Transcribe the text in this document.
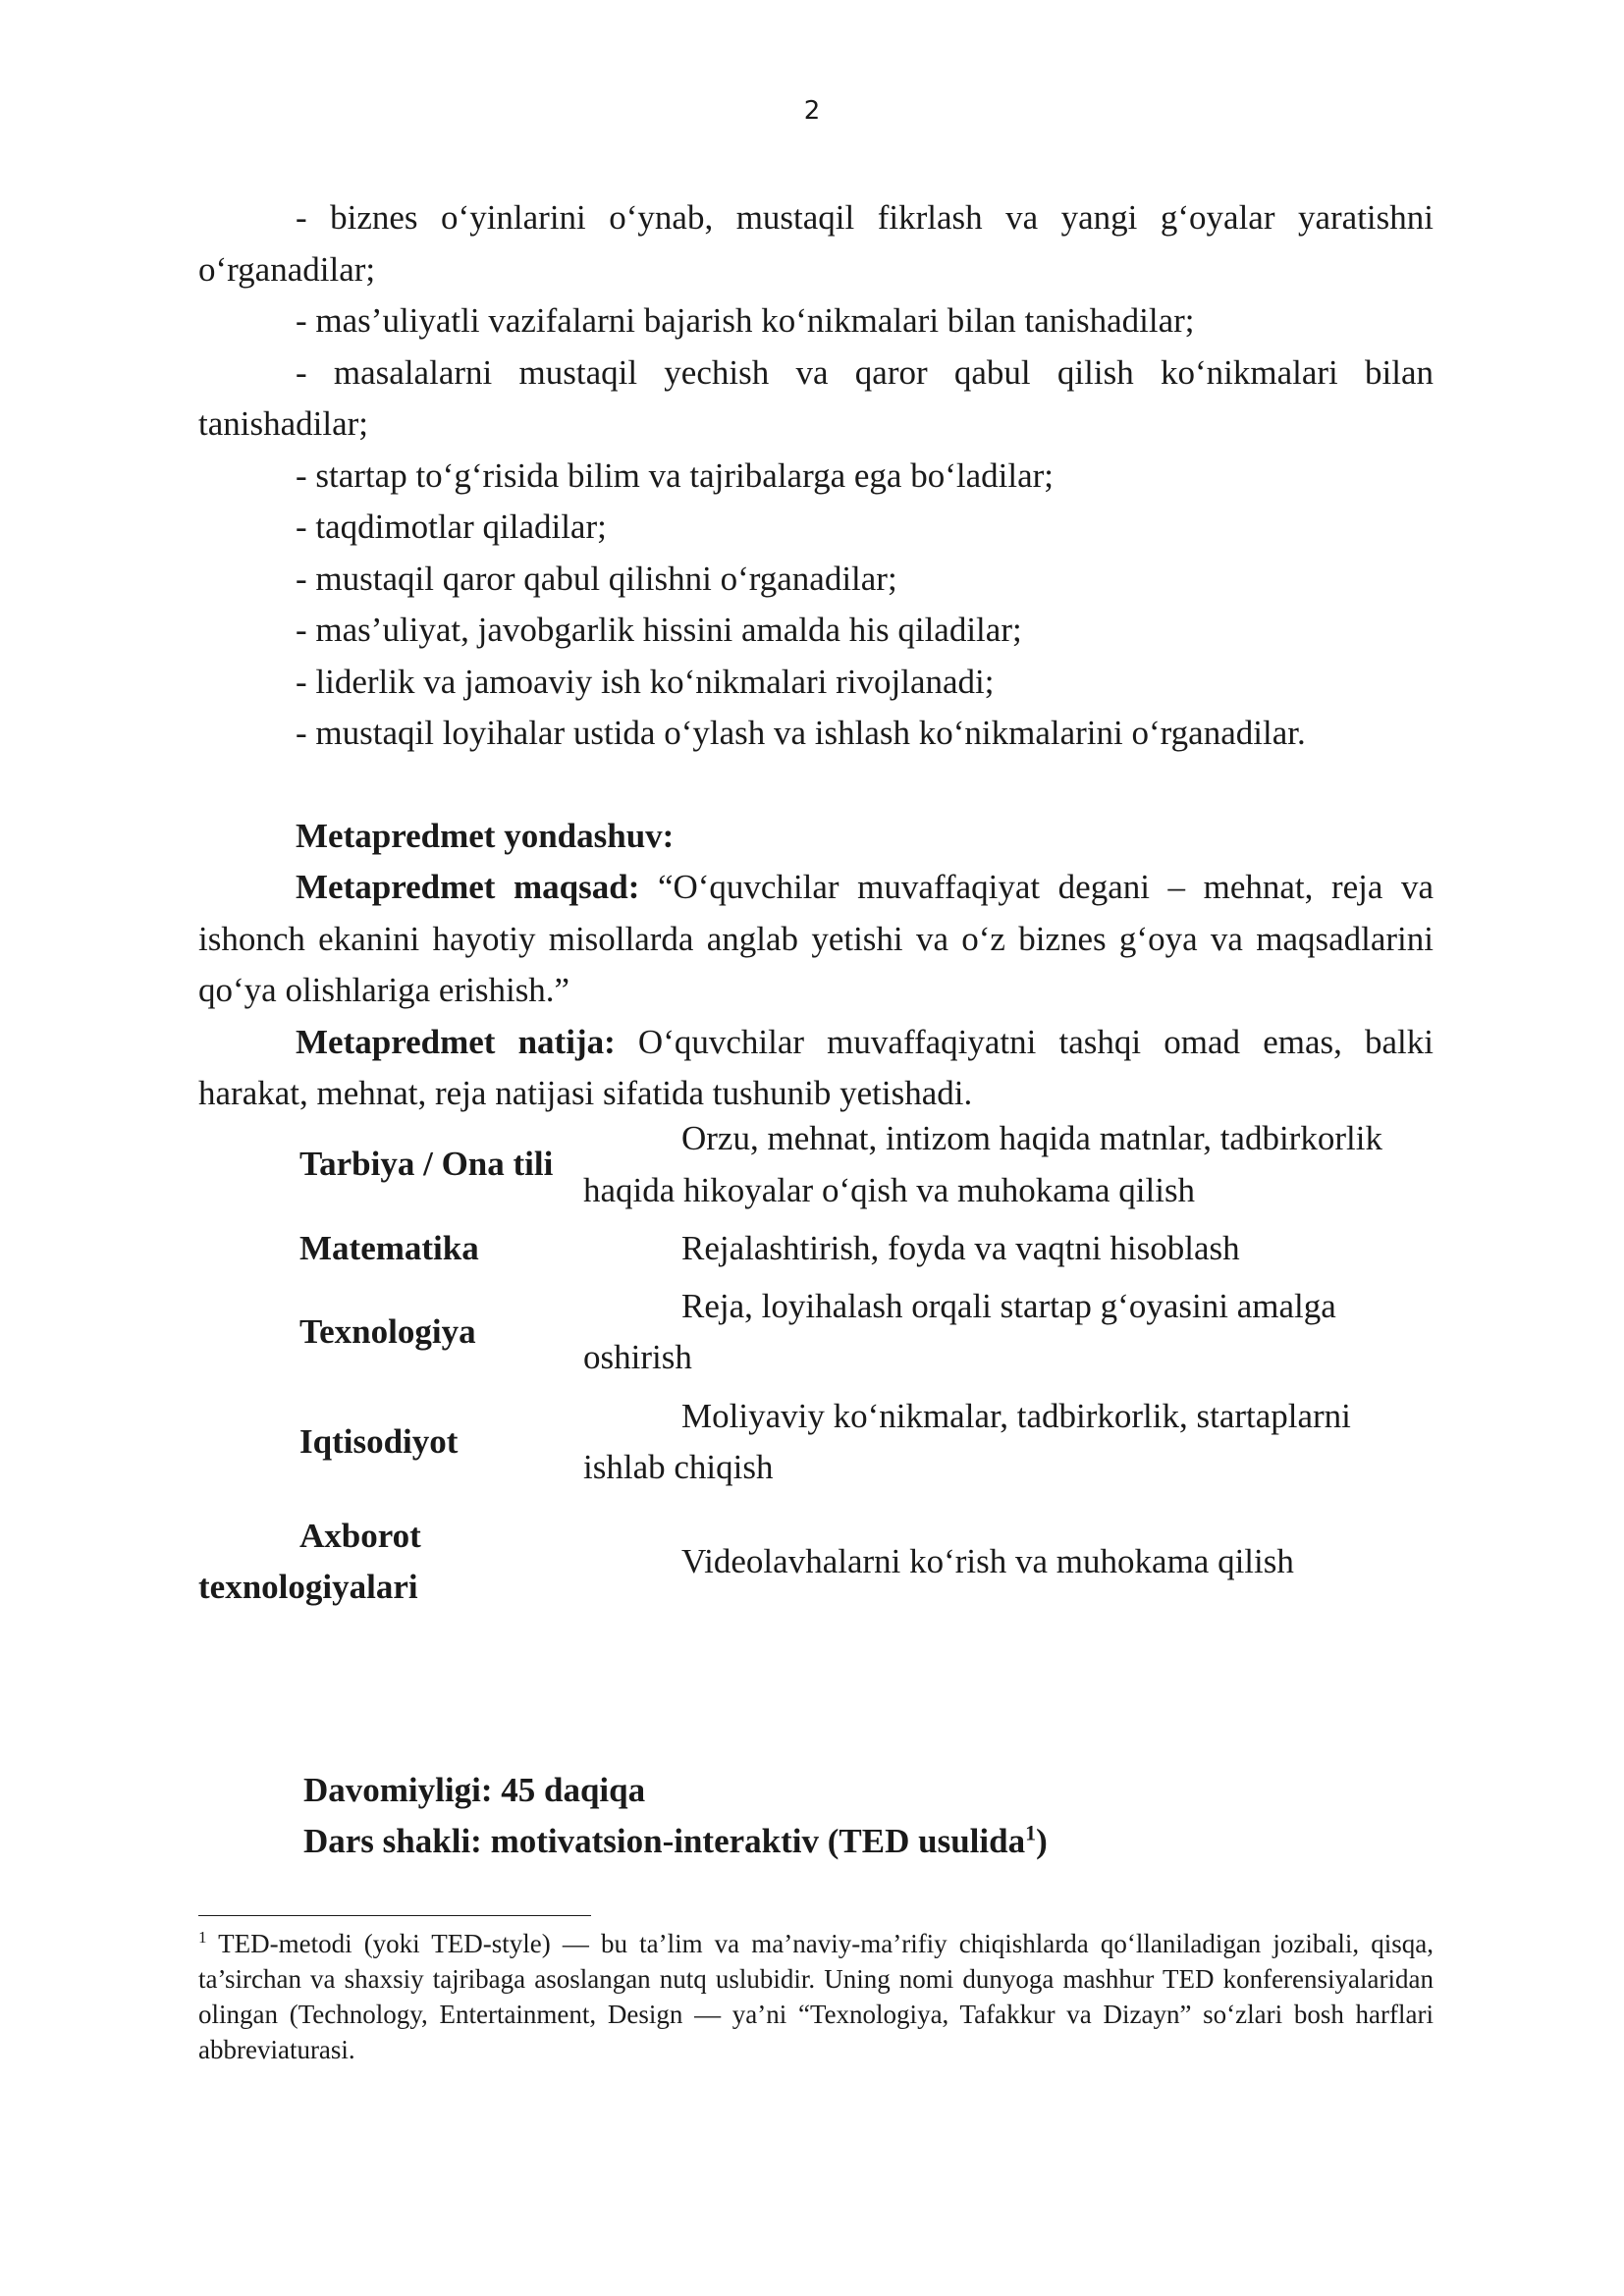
2
- biznes o‘yinlarini o‘ynab, mustaqil fikrlash va yangi g‘oyalar yaratishni o‘rganadilar;
- mas’uliyatli vazifalarni bajarish ko‘nikmalari bilan tanishadilar;
- masalalarni mustaqil yechish va qaror qabul qilish ko‘nikmalari bilan tanishadilar;
- startap to‘g‘risida bilim va tajribalarga ega bo‘ladilar;
- taqdimotlar qiladilar;
- mustaqil qaror qabul qilishni o‘rganadilar;
- mas’uliyat, javobgarlik hissini amalda his qiladilar;
- liderlik va jamoaviy ish ko‘nikmalari rivojlanadi;
- mustaqil loyihalar ustida o‘ylash va ishlash ko‘nikmalarini o‘rganadilar.

Metapredmet yondashuv:

Metapredmet maqsad: “O‘quvchilar muvaffaqiyat degani – mehnat, reja va ishonch ekanini hayotiy misollarda anglab yetishi va o‘z biznes g‘oya va maqsadlarini qo‘ya olishlariga erishish.”

Metapredmet natija: O‘quvchilar muvaffaqiyatni tashqi omad emas, balki harakat, mehnat, reja natijasi sifatida tushunib yetishadi.

Tarbiya / Ona tili
Orzu, mehnat, intizom haqida matnlar, tadbirkorlik haqida hikoyalar o‘qish va muhokama qilish
Matematika	Rejalashtirish, foyda va vaqtni hisoblash
Texnologiya
Reja, loyihalash orqali startap g‘oyasini amalga oshirish
Iqtisodiyot
Moliyaviy ko‘nikmalar, tadbirkorlik, startaplarni ishlab chiqish
Axborot texnologiyalari
Videolavhalarni ko‘rish va muhokama qilish
Davomiyligi: 45 daqiqa
Dars shakli: motivatsion-interaktiv (TED usulida$^1$)
$^1$ TED-metodi (yoki TED-style) — bu ta’lim va ma’naviy-ma’rifiy chiqishlarda qo‘llaniladigan jozibali, qisqa, ta’sirchan va shaxsiy tajribaga asoslangan nutq uslubidir. Uning nomi dunyoga mashhur TED konferensiyalaridan olingan (Technology, Entertainment, Design — ya’ni “Texnologiya, Tafakkur va Dizayn” so‘zlari bosh harflari abbreviaturasi.
